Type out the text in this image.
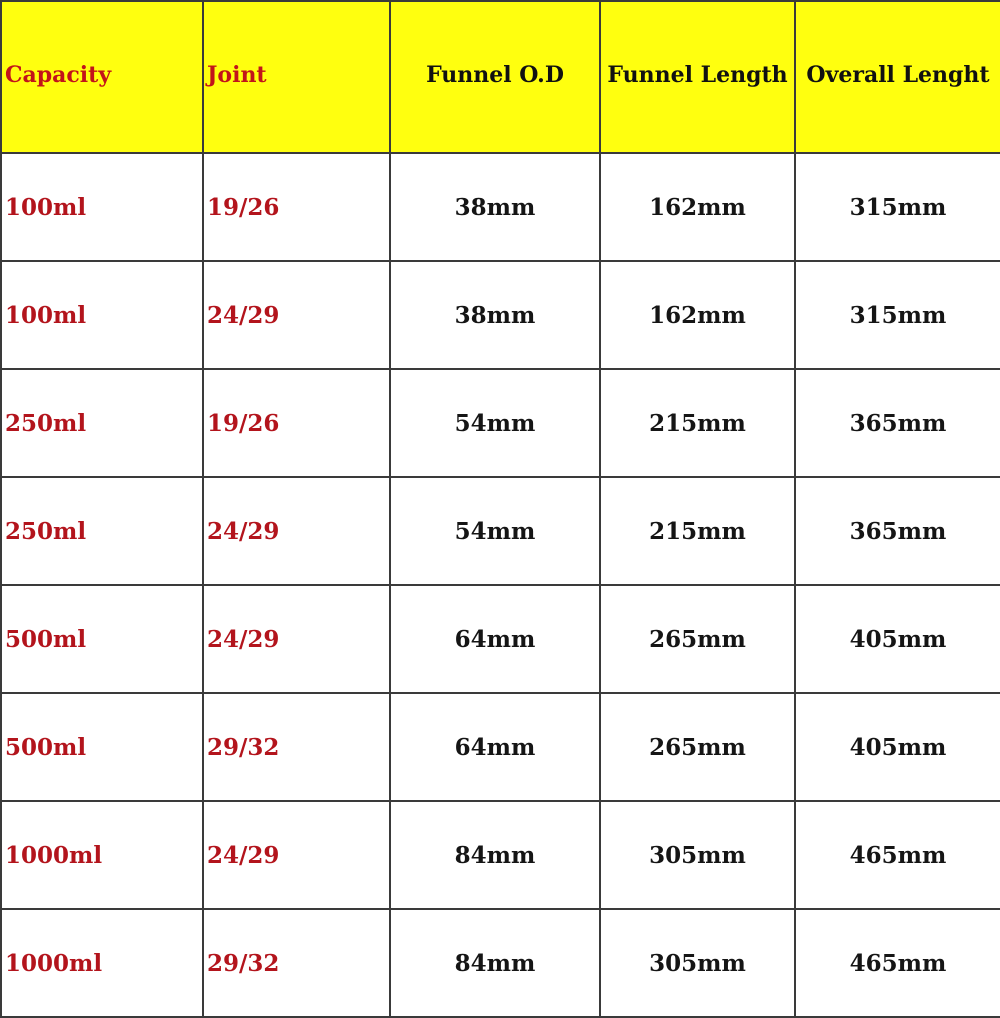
Capacity	Joint	Funnel O.D	Funnel Length	Overall Lenght
100ml	19/26	38mm	162mm	315mm
100ml	24/29	38mm	162mm	315mm
250ml	19/26	54mm	215mm	365mm
250ml	24/29	54mm	215mm	365mm
500ml	24/29	64mm	265mm	405mm
500ml	29/32	64mm	265mm	405mm
1000ml	24/29	84mm	305mm	465mm
1000ml	29/32	84mm	305mm	465mm
